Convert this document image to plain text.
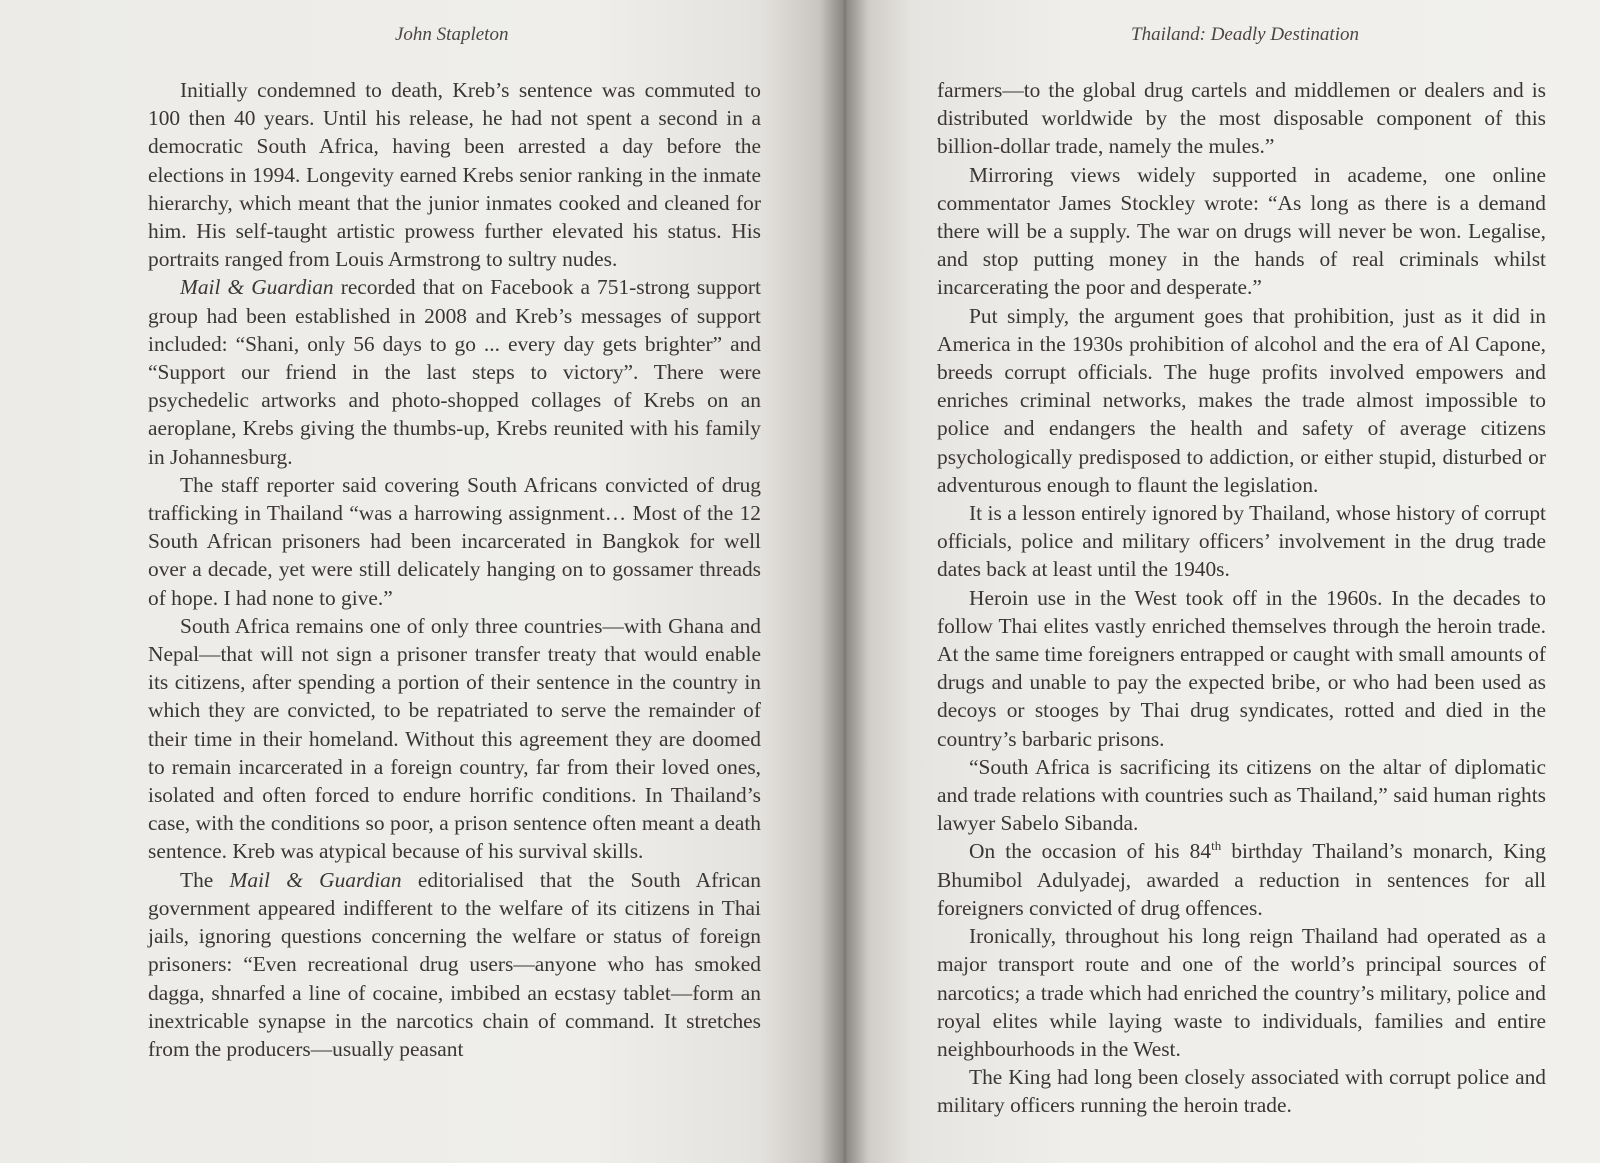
John Stapleton

Initially condemned to death, Kreb’s sentence was commuted to 100 then 40 years. Until his release, he had not spent a second in a democratic South Africa, having been arrested a day before the elections in 1994. Longevity earned Krebs senior ranking in the inmate hierarchy, which meant that the junior inmates cooked and cleaned for him. His self-taught artistic prowess further elevated his status. His portraits ranged from Louis Armstrong to sultry nudes.

Mail & Guardian recorded that on Facebook a 751-strong support group had been established in 2008 and Kreb’s messages of support included: “Shani, only 56 days to go ... every day gets brighter” and “Support our friend in the last steps to victory”. There were psychedelic artworks and photo-shopped collages of Krebs on an aeroplane, Krebs giving the thumbs-up, Krebs reunited with his family in Johannesburg.

The staff reporter said covering South Africans convicted of drug trafficking in Thailand “was a harrowing assignment… Most of the 12 South African prisoners had been incarcerated in Bangkok for well over a decade, yet were still delicately hanging on to gossamer threads of hope. I had none to give.”

South Africa remains one of only three countries—with Ghana and Nepal—that will not sign a prisoner transfer treaty that would enable its citizens, after spending a portion of their sentence in the country in which they are convicted, to be repatriated to serve the remainder of their time in their homeland. Without this agreement they are doomed to remain incarcerated in a foreign country, far from their loved ones, isolated and often forced to endure horrific conditions. In Thailand’s case, with the conditions so poor, a prison sentence often meant a death sentence. Kreb was atypical because of his survival skills.

The Mail & Guardian editorialised that the South African government appeared indifferent to the welfare of its citizens in Thai jails, ignoring questions concerning the welfare or status of foreign prisoners: “Even recreational drug users—anyone who has smoked dagga, shnarfed a line of cocaine, imbibed an ecstasy tablet—form an inextricable synapse in the narcotics chain of command. It stretches from the producers—usually peasant

Thailand: Deadly Destination

farmers—to the global drug cartels and middlemen or dealers and is distributed worldwide by the most disposable component of this billion-dollar trade, namely the mules.”

Mirroring views widely supported in academe, one online commentator James Stockley wrote: “As long as there is a demand there will be a supply. The war on drugs will never be won. Legalise, and stop putting money in the hands of real criminals whilst incarcerating the poor and desperate.”

Put simply, the argument goes that prohibition, just as it did in America in the 1930s prohibition of alcohol and the era of Al Capone, breeds corrupt officials. The huge profits involved empowers and enriches criminal networks, makes the trade almost impossible to police and endangers the health and safety of average citizens psychologically predisposed to addiction, or either stupid, disturbed or adventurous enough to flaunt the legislation.

It is a lesson entirely ignored by Thailand, whose history of corrupt officials, police and military officers’ involvement in the drug trade dates back at least until the 1940s.

Heroin use in the West took off in the 1960s. In the decades to follow Thai elites vastly enriched themselves through the heroin trade. At the same time foreigners entrapped or caught with small amounts of drugs and unable to pay the expected bribe, or who had been used as decoys or stooges by Thai drug syndicates, rotted and died in the country’s barbaric prisons.

“South Africa is sacrificing its citizens on the altar of diplomatic and trade relations with countries such as Thailand,” said human rights lawyer Sabelo Sibanda.

On the occasion of his 84th birthday Thailand’s monarch, King Bhumibol Adulyadej, awarded a reduction in sentences for all foreigners convicted of drug offences.

Ironically, throughout his long reign Thailand had operated as a major transport route and one of the world’s principal sources of narcotics; a trade which had enriched the country’s military, police and royal elites while laying waste to individuals, families and entire neighbourhoods in the West.

The King had long been closely associated with corrupt police and military officers running the heroin trade.
